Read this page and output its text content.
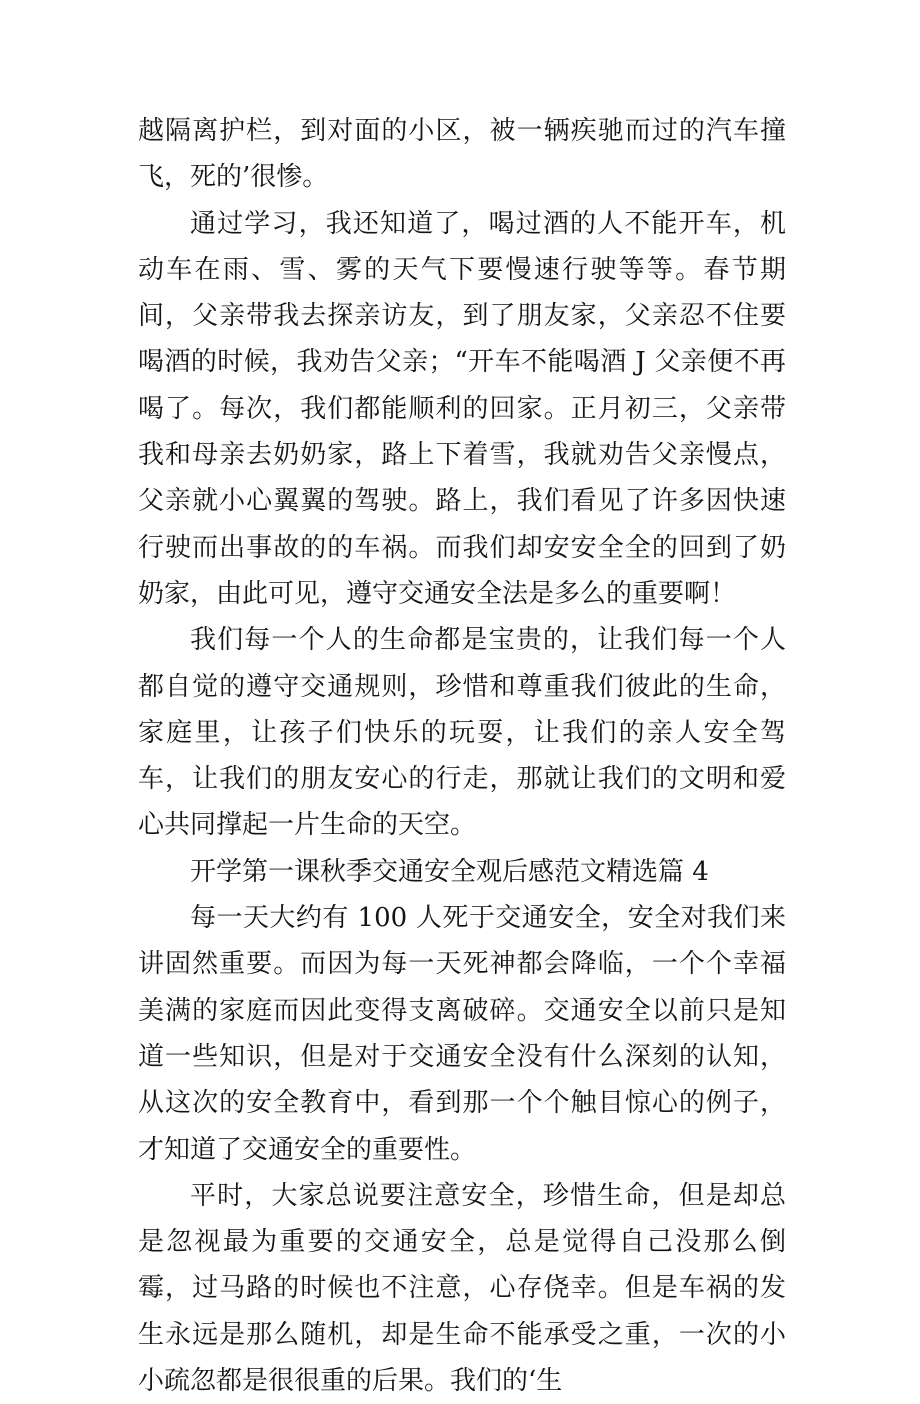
越隔离护栏，到对面的小区，被一辆疾驰而过的汽车撞飞，死的’很惨。

通过学习，我还知道了，喝过酒的人不能开车，机动车在雨、雪、雾的天气下要慢速行驶等等。春节期间，父亲带我去探亲访友，到了朋友家，父亲忍不住要喝酒的时候，我劝告父亲；“开车不能喝酒 J 父亲便不再喝了。每次，我们都能顺利的回家。正月初三，父亲带我和母亲去奶奶家，路上下着雪，我就劝告父亲慢点，父亲就小心翼翼的驾驶。路上，我们看见了许多因快速行驶而出事故的的车祸。而我们却安安全全的回到了奶奶家，由此可见，遵守交通安全法是多么的重要啊！

我们每一个人的生命都是宝贵的，让我们每一个人都自觉的遵守交通规则，珍惜和尊重我们彼此的生命，家庭里，让孩子们快乐的玩耍，让我们的亲人安全驾车，让我们的朋友安心的行走，那就让我们的文明和爱心共同撑起一片生命的天空。

开学第一课秋季交通安全观后感范文精选篇 4

每一天大约有 100 人死于交通安全，安全对我们来讲固然重要。而因为每一天死神都会降临，一个个幸福美满的家庭而因此变得支离破碎。交通安全以前只是知道一些知识，但是对于交通安全没有什么深刻的认知，从这次的安全教育中，看到那一个个触目惊心的例子，才知道了交通安全的重要性。

平时，大家总说要注意安全，珍惜生命，但是却总是忽视最为重要的交通安全，总是觉得自己没那么倒霉，过马路的时候也不注意，心存侥幸。但是车祸的发生永远是那么随机，却是生命不能承受之重，一次的小小疏忽都是很很重的后果。我们的‘生
